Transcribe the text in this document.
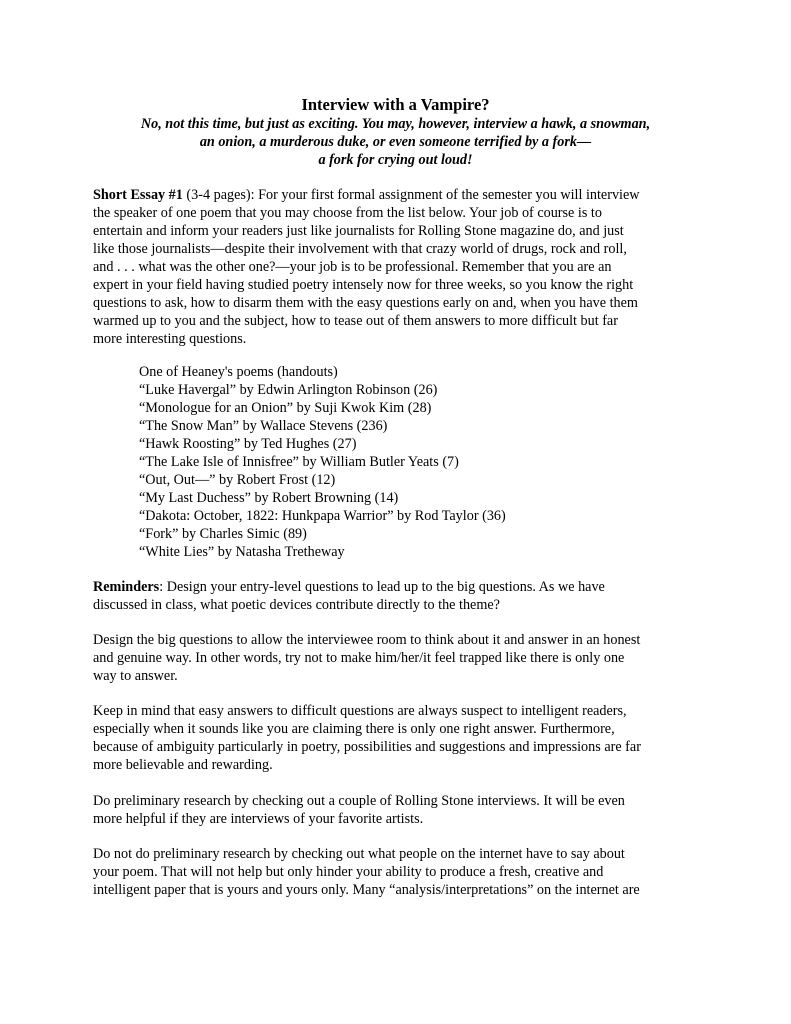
Interview with a Vampire?
No, not this time, but just as exciting. You may, however, interview a hawk, a snowman,
an onion, a murderous duke, or even someone terrified by a fork—
a fork for crying out loud!
Short Essay #1 (3-4 pages): For your first formal assignment of the semester you will interview
the speaker of one poem that you may choose from the list below. Your job of course is to
entertain and inform your readers just like journalists for Rolling Stone magazine do, and just
like those journalists—despite their involvement with that crazy world of drugs, rock and roll,
and . . . what was the other one?—your job is to be professional. Remember that you are an
expert in your field having studied poetry intensely now for three weeks, so you know the right
questions to ask, how to disarm them with the easy questions early on and, when you have them
warmed up to you and the subject, how to tease out of them answers to more difficult but far
more interesting questions.
One of Heaney's poems (handouts)
“Luke Havergal” by Edwin Arlington Robinson (26)
“Monologue for an Onion” by Suji Kwok Kim (28)
“The Snow Man” by Wallace Stevens (236)
“Hawk Roosting” by Ted Hughes (27)
“The Lake Isle of Innisfree” by William Butler Yeats (7)
“Out, Out—” by Robert Frost (12)
“My Last Duchess” by Robert Browning (14)
“Dakota: October, 1822: Hunkpapa Warrior” by Rod Taylor (36)
“Fork” by Charles Simic (89)
“White Lies” by Natasha Tretheway
Reminders: Design your entry-level questions to lead up to the big questions. As we have
discussed in class, what poetic devices contribute directly to the theme?
Design the big questions to allow the interviewee room to think about it and answer in an honest
and genuine way. In other words, try not to make him/her/it feel trapped like there is only one
way to answer.
Keep in mind that easy answers to difficult questions are always suspect to intelligent readers,
especially when it sounds like you are claiming there is only one right answer. Furthermore,
because of ambiguity particularly in poetry, possibilities and suggestions and impressions are far
more believable and rewarding.
Do preliminary research by checking out a couple of Rolling Stone interviews. It will be even
more helpful if they are interviews of your favorite artists.
Do not do preliminary research by checking out what people on the internet have to say about
your poem. That will not help but only hinder your ability to produce a fresh, creative and
intelligent paper that is yours and yours only. Many “analysis/interpretations” on the internet are
